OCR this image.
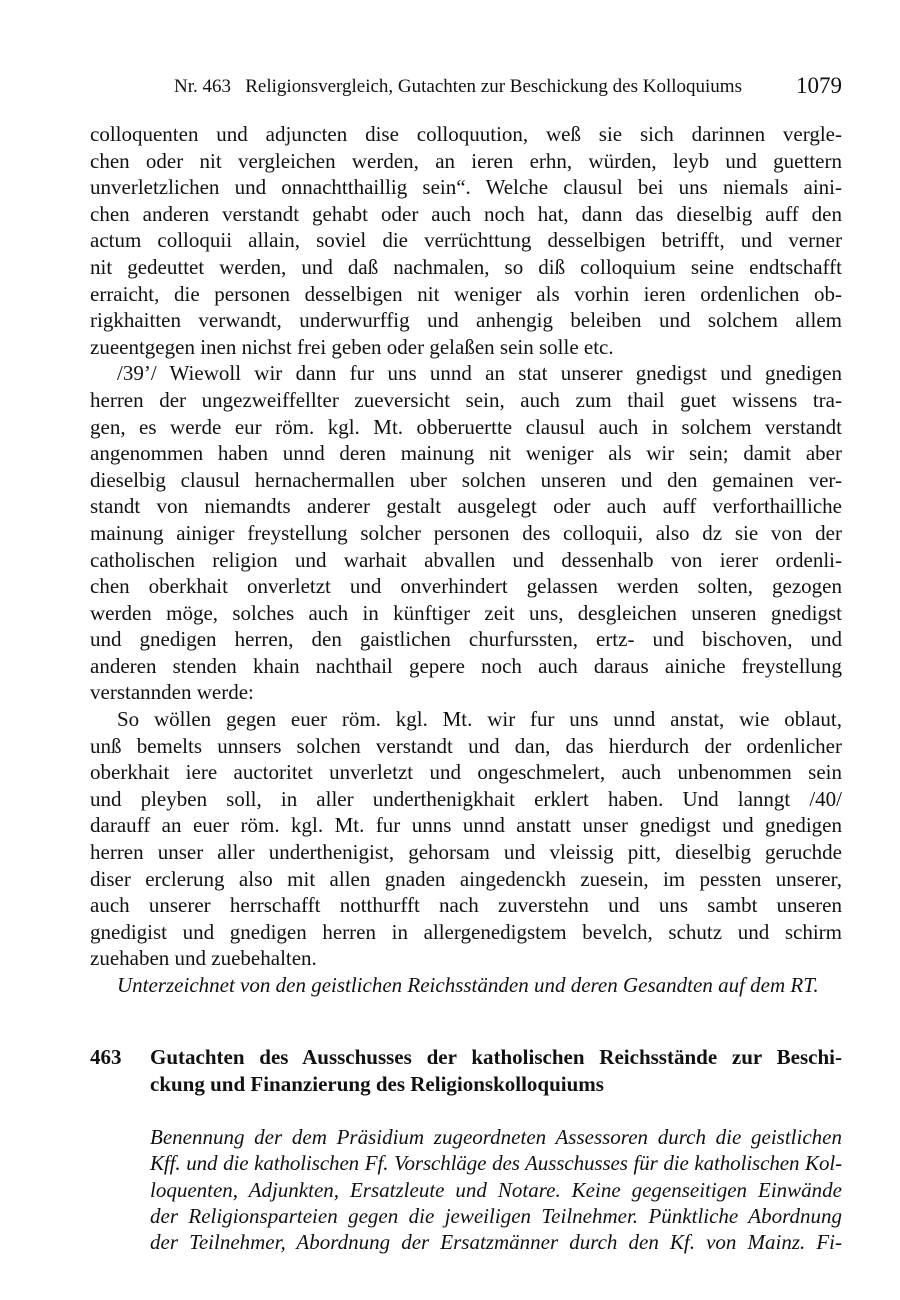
Nr. 463   Religionsvergleich, Gutachten zur Beschickung des Kolloquiums 1079
colloquenten und adjuncten dise colloquution, weß sie sich darinnen vergle-
chen oder nit vergleichen werden, an ieren erhn, würden, leyb und guettern
unverletzlichen und onnachtthaillig sein“. Welche clausul bei uns niemals aini-
chen anderen verstandt gehabt oder auch noch hat, dann das dieselbig auff den
actum colloquii allain, soviel die verrüchttung desselbigen betrifft, und verner
nit gedeuttet werden, und daß nachmalen, so diß colloquium seine endtschafft
erraicht, die personen desselbigen nit weniger als vorhin ieren ordenlichen ob-
rigkhaitten verwandt, underwurffig und anhengig beleiben und solchem allem
zueentgegen inen nichst frei geben oder gelaßen sein solle etc.
/39’/ Wiewoll wir dann fur uns unnd an stat unserer gnedigst und gnedigen
herren der ungezweiffellter zueversicht sein, auch zum thail guet wissens tra-
gen, es werde eur röm. kgl. Mt. obberuertte clausul auch in solchem verstandt
angenommen haben unnd deren mainung nit weniger als wir sein; damit aber
dieselbig clausul hernachermallen uber solchen unseren und den gemainen ver-
standt von niemandts anderer gestalt ausgelegt oder auch auff verforthailliche
mainung ainiger freystellung solcher personen des colloquii, also dz sie von der
catholischen religion und warhait abvallen und dessenhalb von ierer ordenli-
chen oberkhait onverletzt und onverhindert gelassen werden solten, gezogen
werden möge, solches auch in künftiger zeit uns, desgleichen unseren gnedigst
und gnedigen herren, den gaistlichen churfurssten, ertz- und bischoven, und
anderen stenden khain nachthail gepere noch auch daraus ainiche freystellung
verstannden werde:
So wöllen gegen euer röm. kgl. Mt. wir fur uns unnd anstat, wie oblaut,
unß bemelts unnsers solchen verstandt und dan, das hierdurch der ordenlicher
oberkhait iere auctoritet unverletzt und ongeschmelert, auch unbenommen sein
und pleyben soll, in aller underthenigkhait erklert haben. Und lanngt /40/
darauff an euer röm. kgl. Mt. fur unns unnd anstatt unser gnedigst und gnedigen
herren unser aller underthenigist, gehorsam und vleissig pitt, dieselbig geruchde
diser erclerung also mit allen gnaden aingedenckh zuesein, im pessten unserer,
auch unserer herrschafft notthurfft nach zuverstehn und uns sambt unseren
gnedigist und gnedigen herren in allergenedigstem bevelch, schutz und schirm
zuehaben und zuebehalten.
Unterzeichnet von den geistlichen Reichsständen und deren Gesandten auf dem RT.
463 Gutachten des Ausschusses der katholischen Reichsstände zur Beschi-
ckung und Finanzierung des Religionskolloquiums
Benennung der dem Präsidium zugeordneten Assessoren durch die geistlichen
Kff. und die katholischen Ff. Vorschläge des Ausschusses für die katholischen Kol-
loquenten, Adjunkten, Ersatzleute und Notare. Keine gegenseitigen Einwände
der Religionsparteien gegen die jeweiligen Teilnehmer. Pünktliche Abordnung
der Teilnehmer, Abordnung der Ersatzmänner durch den Kf. von Mainz. Fi-
